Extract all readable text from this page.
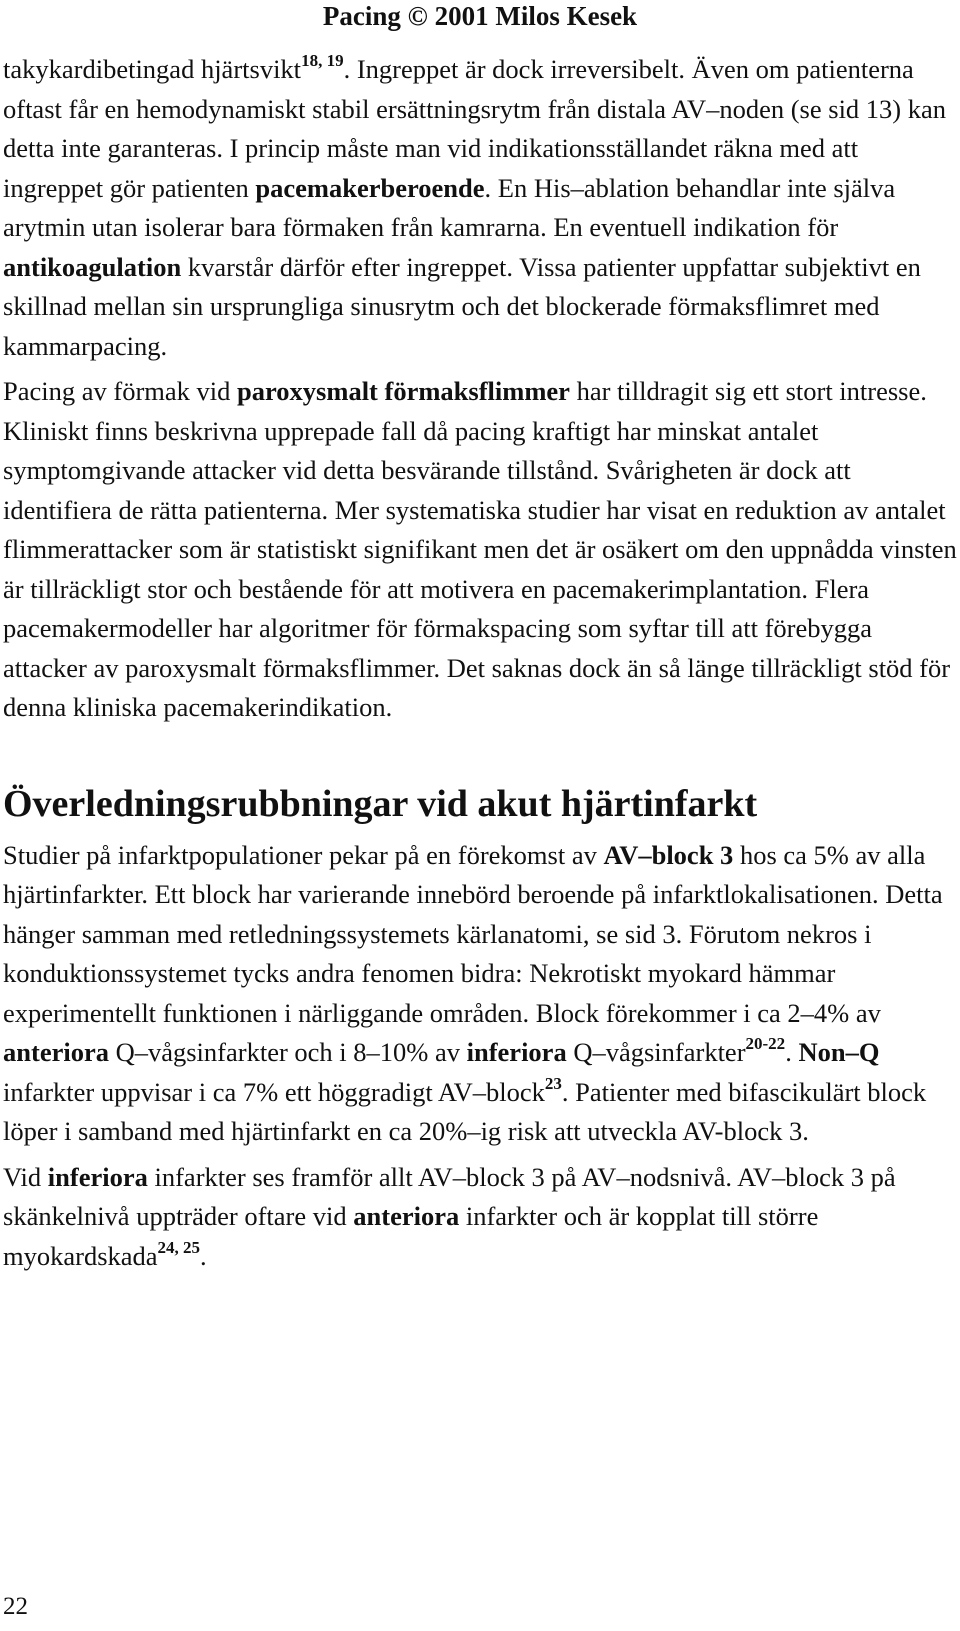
Pacing © 2001 Milos Kesek
takykardibetingad hjärtsvikt$^{18, 19}$. Ingreppet är dock irreversibelt. Även om patienterna oftast får en hemodynamiskt stabil ersättningsrytm från distala AV–noden (se sid 13) kan detta inte garanteras. I princip måste man vid indikationsställandet räkna med att ingreppet gör patienten pacemakerberoende. En His–ablation behandlar inte själva arytmin utan isolerar bara förmaken från kamrarna. En eventuell indikation för antikoagulation kvarstår därför efter ingreppet. Vissa patienter uppfattar subjektivt en skillnad mellan sin ursprungliga sinusrytm och det blockerade förmaksflimret med kammarpacing.
Pacing av förmak vid paroxysmalt förmaksflimmer har tilldragit sig ett stort intresse. Kliniskt finns beskrivna upprepade fall då pacing kraftigt har minskat antalet symptomgivande attacker vid detta besvärande tillstånd. Svårigheten är dock att identifiera de rätta patienterna. Mer systematiska studier har visat en reduktion av antalet flimmerattacker som är statistiskt signifikant men det är osäkert om den uppnådda vinsten är tillräckligt stor och bestående för att motivera en pacemakerimplantation. Flera pacemakermodeller har algoritmer för förmakspacing som syftar till att förebygga attacker av paroxysmalt förmaksflimmer. Det saknas dock än så länge tillräckligt stöd för denna kliniska pacemakerindikation.
Överledningsrubbningar vid akut hjärtinfarkt
Studier på infarktpopulationer pekar på en förekomst av AV–block 3 hos ca 5% av alla hjärtinfarkter. Ett block har varierande innebörd beroende på infarktlokalisationen. Detta hänger samman med retledningssystemets kärlanatomi, se sid 3. Förutom nekros i konduktionssystemet tycks andra fenomen bidra: Nekrotiskt myokard hämmar experimentellt funktionen i närliggande områden. Block förekommer i ca 2–4% av anteriora Q–vågsinfarkter och i 8–10% av inferiora Q–vågsinfarkter$^{20-22}$. Non–Q infarkter uppvisar i ca 7% ett höggradigt AV–block$^{23}$. Patienter med bifascikulärt block löper i samband med hjärtinfarkt en ca 20%–ig risk att utveckla AV-block 3.
Vid inferiora infarkter ses framför allt AV–block 3 på AV–nodsnivå. AV–block 3 på skänkelnivå uppträder oftare vid anteriora infarkter och är kopplat till större myokardskada$^{24, 25}$.
22
